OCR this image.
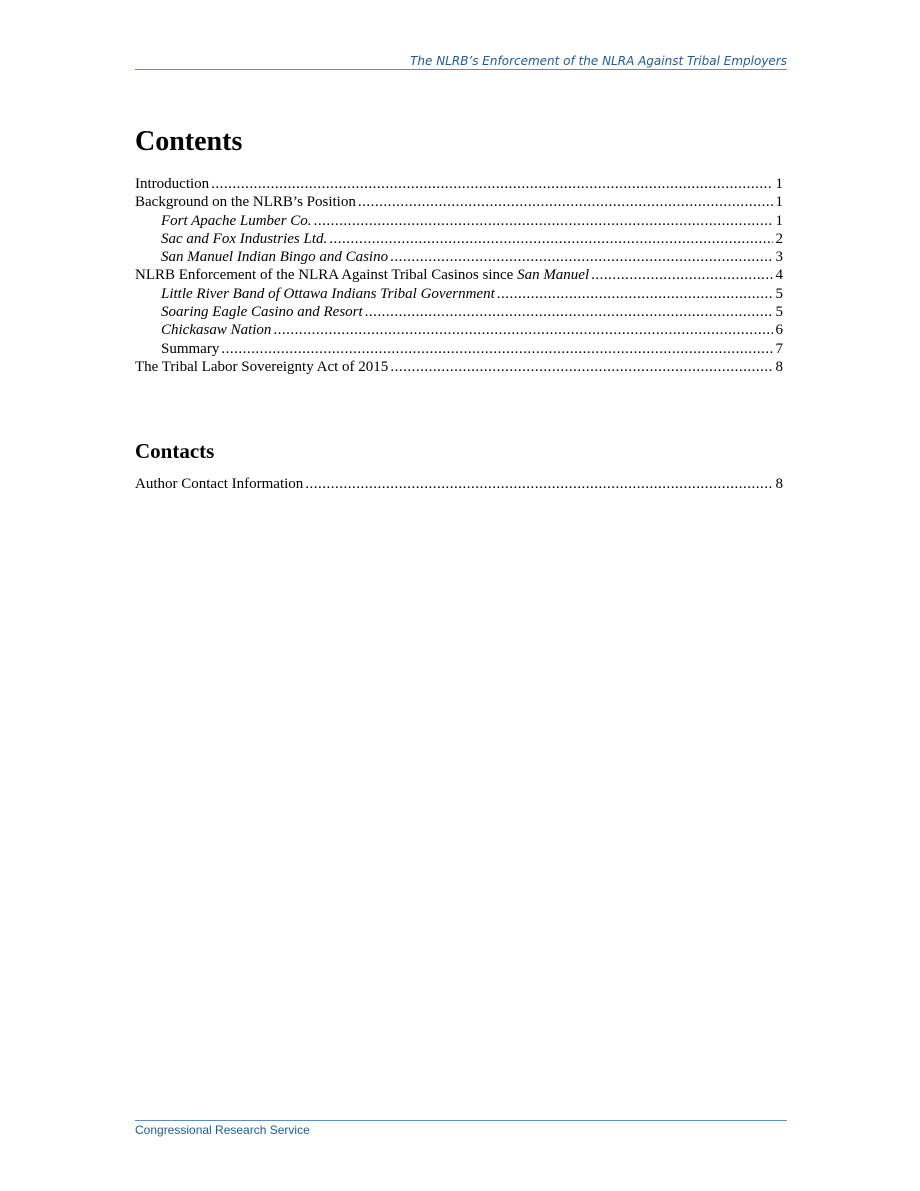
The NLRB’s Enforcement of the NLRA Against Tribal Employers
Contents
Introduction .....	1
Background on the NLRB’s Position .....	1
Fort Apache Lumber Co. .....	1
Sac and Fox Industries Ltd. .....	2
San Manuel Indian Bingo and Casino .....	3
NLRB Enforcement of the NLRA Against Tribal Casinos since San Manuel .....	4
Little River Band of Ottawa Indians Tribal Government .....	5
Soaring Eagle Casino and Resort .....	5
Chickasaw Nation .....	6
Summary .....	7
The Tribal Labor Sovereignty Act of 2015 .....	8
Contacts
Author Contact Information .....	8
Congressional Research Service
